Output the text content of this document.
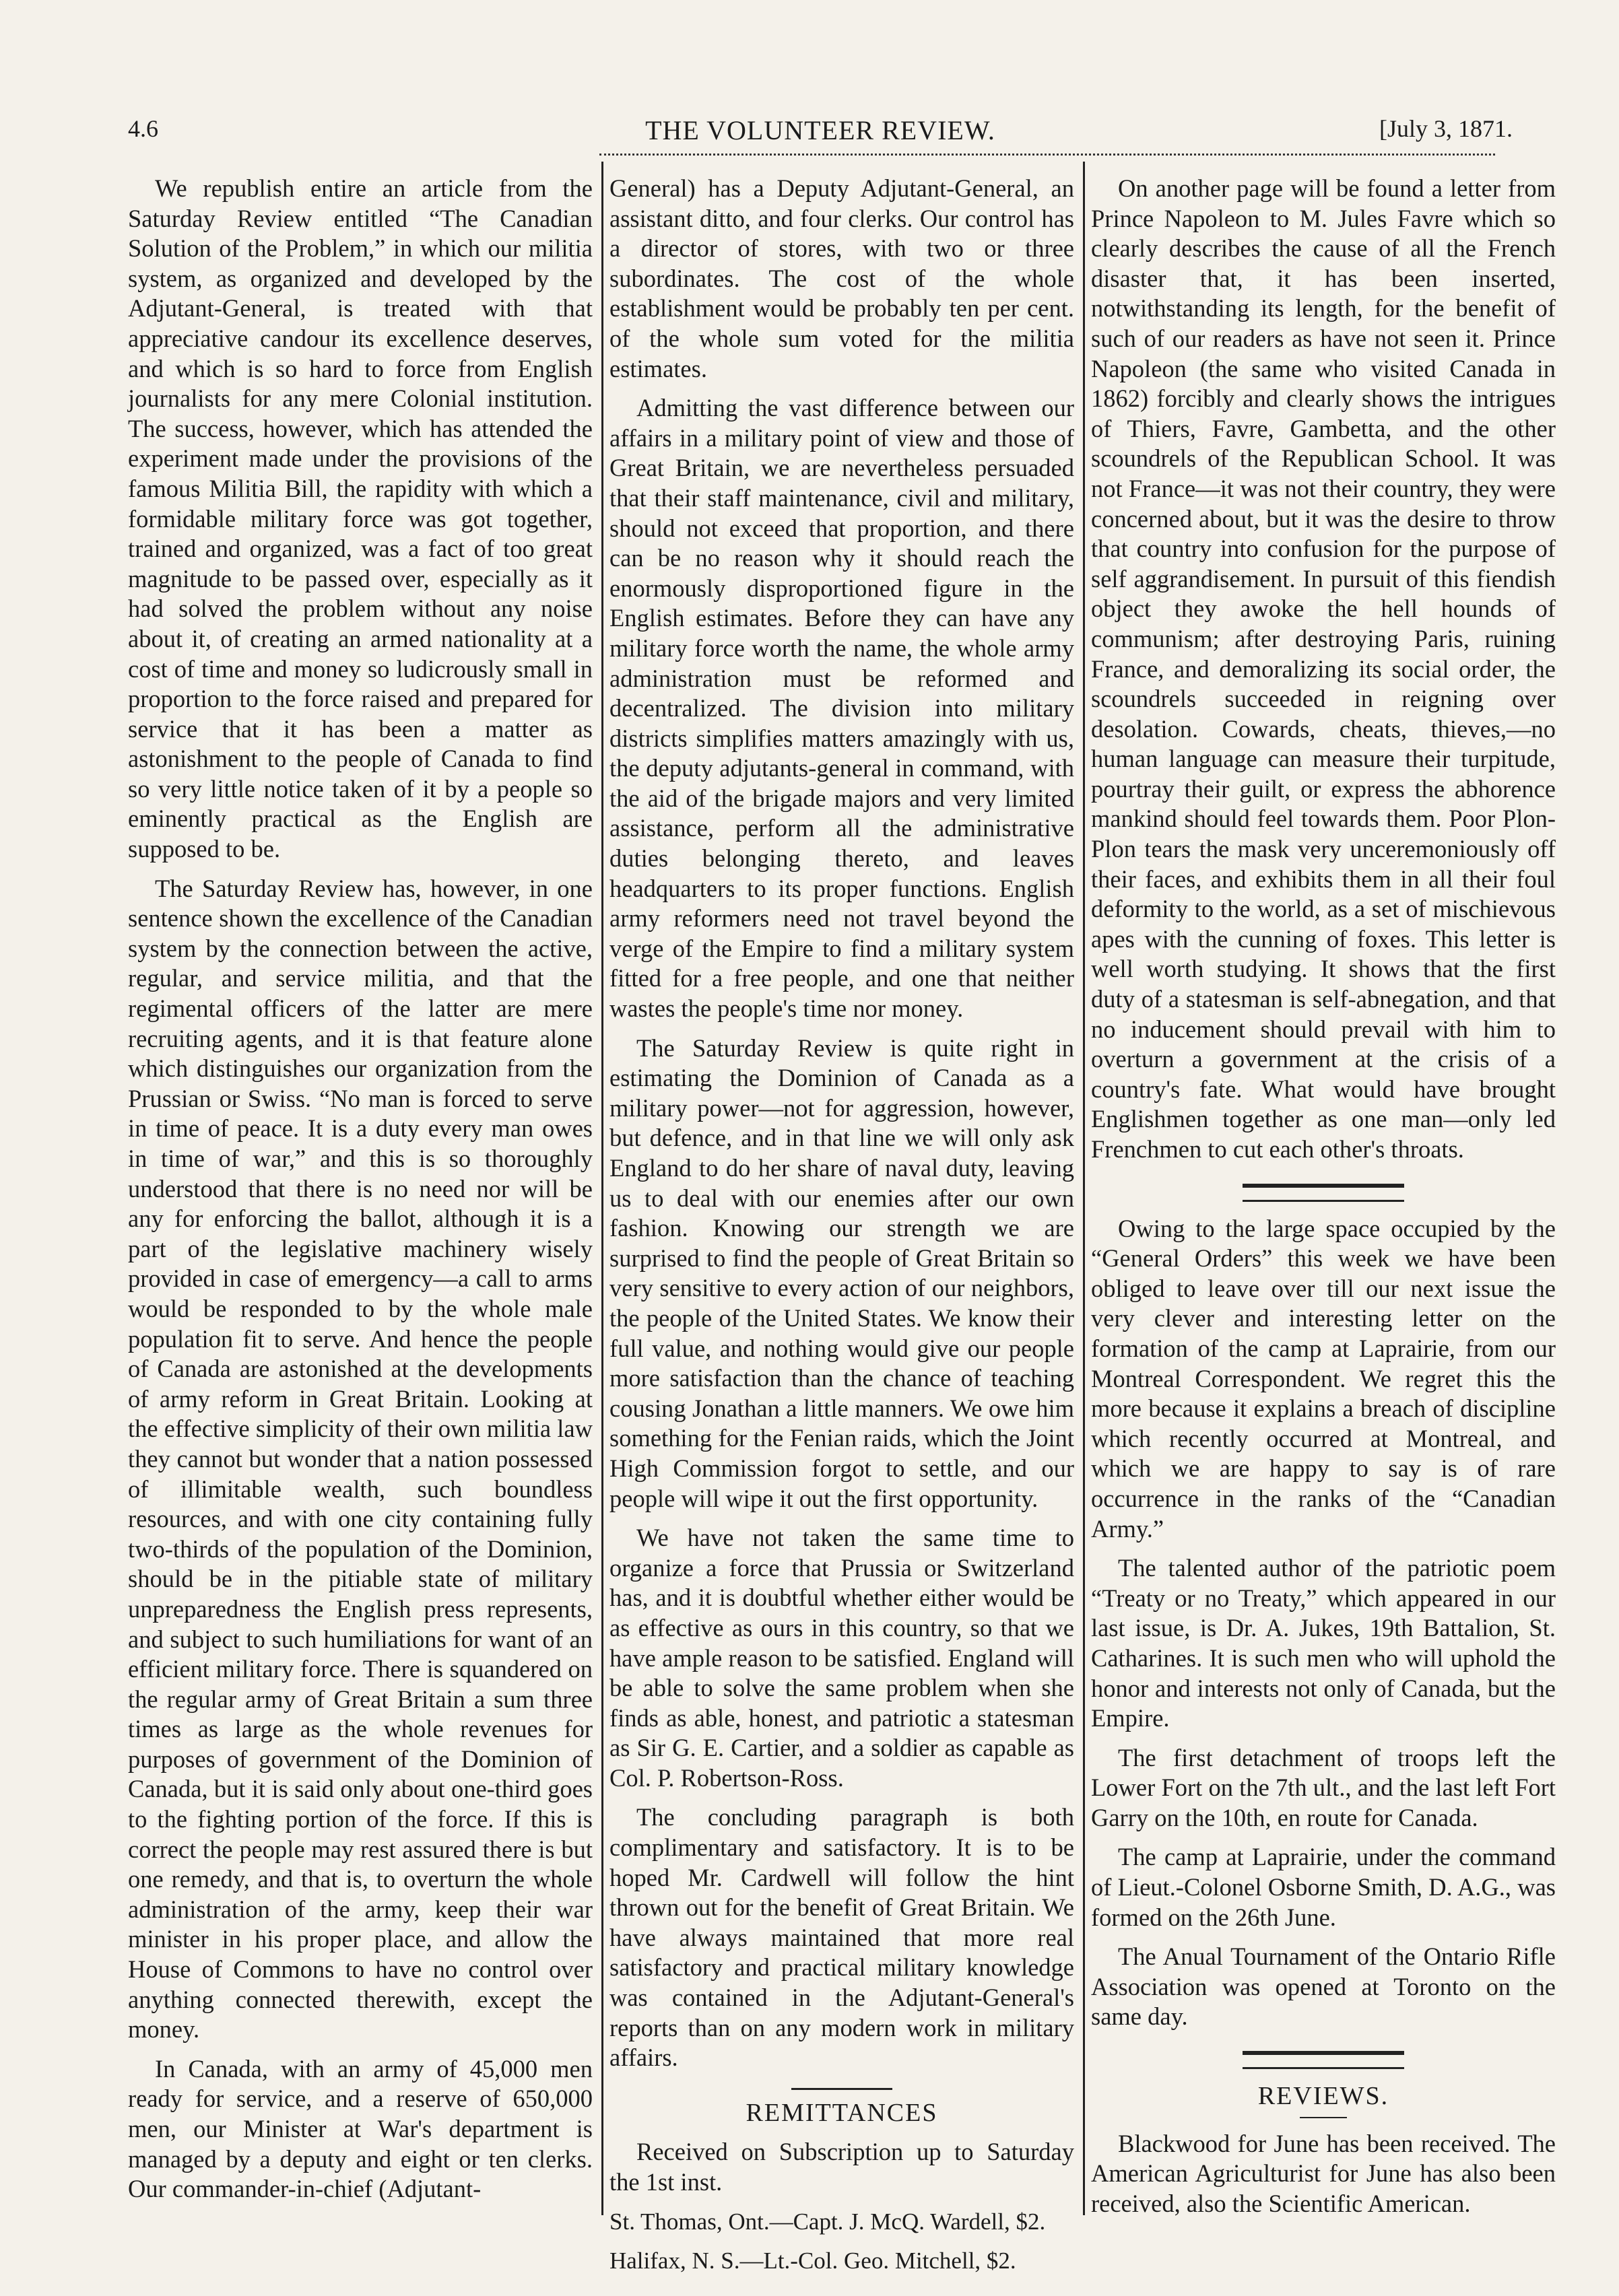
4.6	THE VOLUNTEER REVIEW.	[July 3, 1871.

We republish entire an article from the Saturday Review entitled “The Canadian Solution of the Problem,” in which our militia system, as organized and developed by the Adjutant-General, is treated with that appreciative candour its excellence deserves, and which is so hard to force from English journalists for any mere Colonial institution. The success, however, which has attended the experiment made under the provisions of the famous Militia Bill, the rapidity with which a formidable military force was got together, trained and organized, was a fact of too great magnitude to be passed over, especially as it had solved the problem without any noise about it, of creating an armed nationality at a cost of time and money so ludicrously small in proportion to the force raised and prepared for service that it has been a matter as astonishment to the people of Canada to find so very little notice taken of it by a people so eminently practical as the English are supposed to be.

The Saturday Review has, however, in one sentence shown the excellence of the Canadian system by the connection between the active, regular, and service militia, and that the regimental officers of the latter are mere recruiting agents, and it is that feature alone which distinguishes our organization from the Prussian or Swiss. “No man is forced to serve in time of peace. It is a duty every man owes in time of war,” and this is so thoroughly understood that there is no need nor will be any for enforcing the ballot, although it is a part of the legislative machinery wisely provided in case of emergency—a call to arms would be responded to by the whole male population fit to serve. And hence the people of Canada are astonished at the developments of army reform in Great Britain. Looking at the effective simplicity of their own militia law they cannot but wonder that a nation possessed of illimitable wealth, such boundless resources, and with one city containing fully two-thirds of the population of the Dominion, should be in the pitiable state of military unpreparedness the English press represents, and subject to such humiliations for want of an efficient military force. There is squandered on the regular army of Great Britain a sum three times as large as the whole revenues for purposes of government of the Dominion of Canada, but it is said only about one-third goes to the fighting portion of the force. If this is correct the people may rest assured there is but one remedy, and that is, to overturn the whole administration of the army, keep their war minister in his proper place, and allow the House of Commons to have no control over anything connected therewith, except the money.

In Canada, with an army of 45,000 men ready for service, and a reserve of 650,000 men, our Minister at War's department is managed by a deputy and eight or ten clerks. Our commander-in-chief (Adjutant-

General) has a Deputy Adjutant-General, an assistant ditto, and four clerks. Our control has a director of stores, with two or three subordinates. The cost of the whole establishment would be probably ten per cent. of the whole sum voted for the militia estimates.

Admitting the vast difference between our affairs in a military point of view and those of Great Britain, we are nevertheless persuaded that their staff maintenance, civil and military, should not exceed that proportion, and there can be no reason why it should reach the enormously disproportioned figure in the English estimates. Before they can have any military force worth the name, the whole army administration must be reformed and decentralized. The division into military districts simplifies matters amazingly with us, the deputy adjutants-general in command, with the aid of the brigade majors and very limited assistance, perform all the administrative duties belonging thereto, and leaves headquarters to its proper functions. English army reformers need not travel beyond the verge of the Empire to find a military system fitted for a free people, and one that neither wastes the people's time nor money.

The Saturday Review is quite right in estimating the Dominion of Canada as a military power—not for aggression, however, but defence, and in that line we will only ask England to do her share of naval duty, leaving us to deal with our enemies after our own fashion. Knowing our strength we are surprised to find the people of Great Britain so very sensitive to every action of our neighbors, the people of the United States. We know their full value, and nothing would give our people more satisfaction than the chance of teaching cousing Jonathan a little manners. We owe him something for the Fenian raids, which the Joint High Commission forgot to settle, and our people will wipe it out the first opportunity.

We have not taken the same time to organize a force that Prussia or Switzerland has, and it is doubtful whether either would be as effective as ours in this country, so that we have ample reason to be satisfied. England will be able to solve the same problem when she finds as able, honest, and patriotic a statesman as Sir G. E. Cartier, and a soldier as capable as Col. P. Robertson-Ross.

The concluding paragraph is both complimentary and satisfactory. It is to be hoped Mr. Cardwell will follow the hint thrown out for the benefit of Great Britain. We have always maintained that more real satisfactory and practical military knowledge was contained in the Adjutant-General's reports than on any modern work in military affairs.

REMITTANCES

Received on Subscription up to Saturday the 1st inst.

St. Thomas, Ont.—Capt. J. McQ. Wardell, $2.

Halifax, N. S.—Lt.-Col. Geo. Mitchell, $2.

On another page will be found a letter from Prince Napoleon to M. Jules Favre which so clearly describes the cause of all the French disaster that, it has been inserted, notwithstanding its length, for the benefit of such of our readers as have not seen it. Prince Napoleon (the same who visited Canada in 1862) forcibly and clearly shows the intrigues of Thiers, Favre, Gambetta, and the other scoundrels of the Republican School. It was not France—it was not their country, they were concerned about, but it was the desire to throw that country into confusion for the purpose of self aggrandisement. In pursuit of this fiendish object they awoke the hell hounds of communism; after destroying Paris, ruining France, and demoralizing its social order, the scoundrels succeeded in reigning over desolation. Cowards, cheats, thieves,—no human language can measure their turpitude, pourtray their guilt, or express the abhorence mankind should feel towards them. Poor Plon-Plon tears the mask very unceremoniously off their faces, and exhibits them in all their foul deformity to the world, as a set of mischievous apes with the cunning of foxes. This letter is well worth studying. It shows that the first duty of a statesman is self-abnegation, and that no inducement should prevail with him to overturn a government at the crisis of a country's fate. What would have brought Englishmen together as one man—only led Frenchmen to cut each other's throats.

Owing to the large space occupied by the “General Orders” this week we have been obliged to leave over till our next issue the very clever and interesting letter on the formation of the camp at Laprairie, from our Montreal Correspondent. We regret this the more because it explains a breach of discipline which recently occurred at Montreal, and which we are happy to say is of rare occurrence in the ranks of the “Canadian Army.”

The talented author of the patriotic poem “Treaty or no Treaty,” which appeared in our last issue, is Dr. A. Jukes, 19th Battalion, St. Catharines. It is such men who will uphold the honor and interests not only of Canada, but the Empire.

The first detachment of troops left the Lower Fort on the 7th ult., and the last left Fort Garry on the 10th, en route for Canada.

The camp at Laprairie, under the command of Lieut.-Colonel Osborne Smith, D. A.G., was formed on the 26th June.

The Anual Tournament of the Ontario Rifle Association was opened at Toronto on the same day.

REVIEWS.

Blackwood for June has been received. The American Agriculturist for June has also been received, also the Scientific American.
